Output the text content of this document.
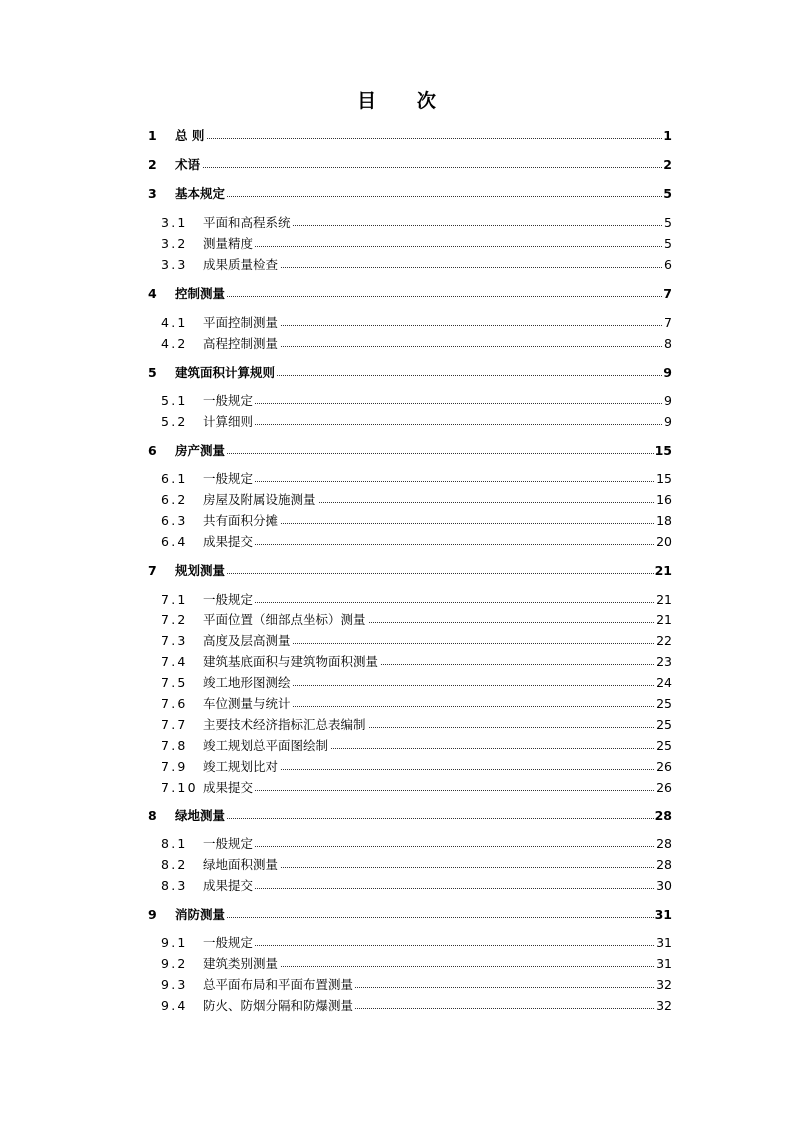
目 次
1 总 则	1
2 术语	2
3 基本规定	5
3.1 平面和高程系统	5
3.2 测量精度	5
3.3 成果质量检查	6
4 控制测量	7
4.1 平面控制测量	7
4.2 高程控制测量	8
5 建筑面积计算规则	9
5.1 一般规定	9
5.2 计算细则	9
6 房产测量	15
6.1 一般规定	15
6.2 房屋及附属设施测量	16
6.3 共有面积分摊	18
6.4 成果提交	20
7 规划测量	21
7.1 一般规定	21
7.2 平面位置（细部点坐标）测量	21
7.3 高度及层高测量	22
7.4 建筑基底面积与建筑物面积测量	23
7.5 竣工地形图测绘	24
7.6 车位测量与统计	25
7.7 主要技术经济指标汇总表编制	25
7.8 竣工规划总平面图绘制	25
7.9 竣工规划比对	26
7.10 成果提交	26
8 绿地测量	28
8.1 一般规定	28
8.2 绿地面积测量	28
8.3 成果提交	30
9 消防测量	31
9.1 一般规定	31
9.2 建筑类别测量	31
9.3 总平面布局和平面布置测量	32
9.4 防火、防烟分隔和防爆测量	32
